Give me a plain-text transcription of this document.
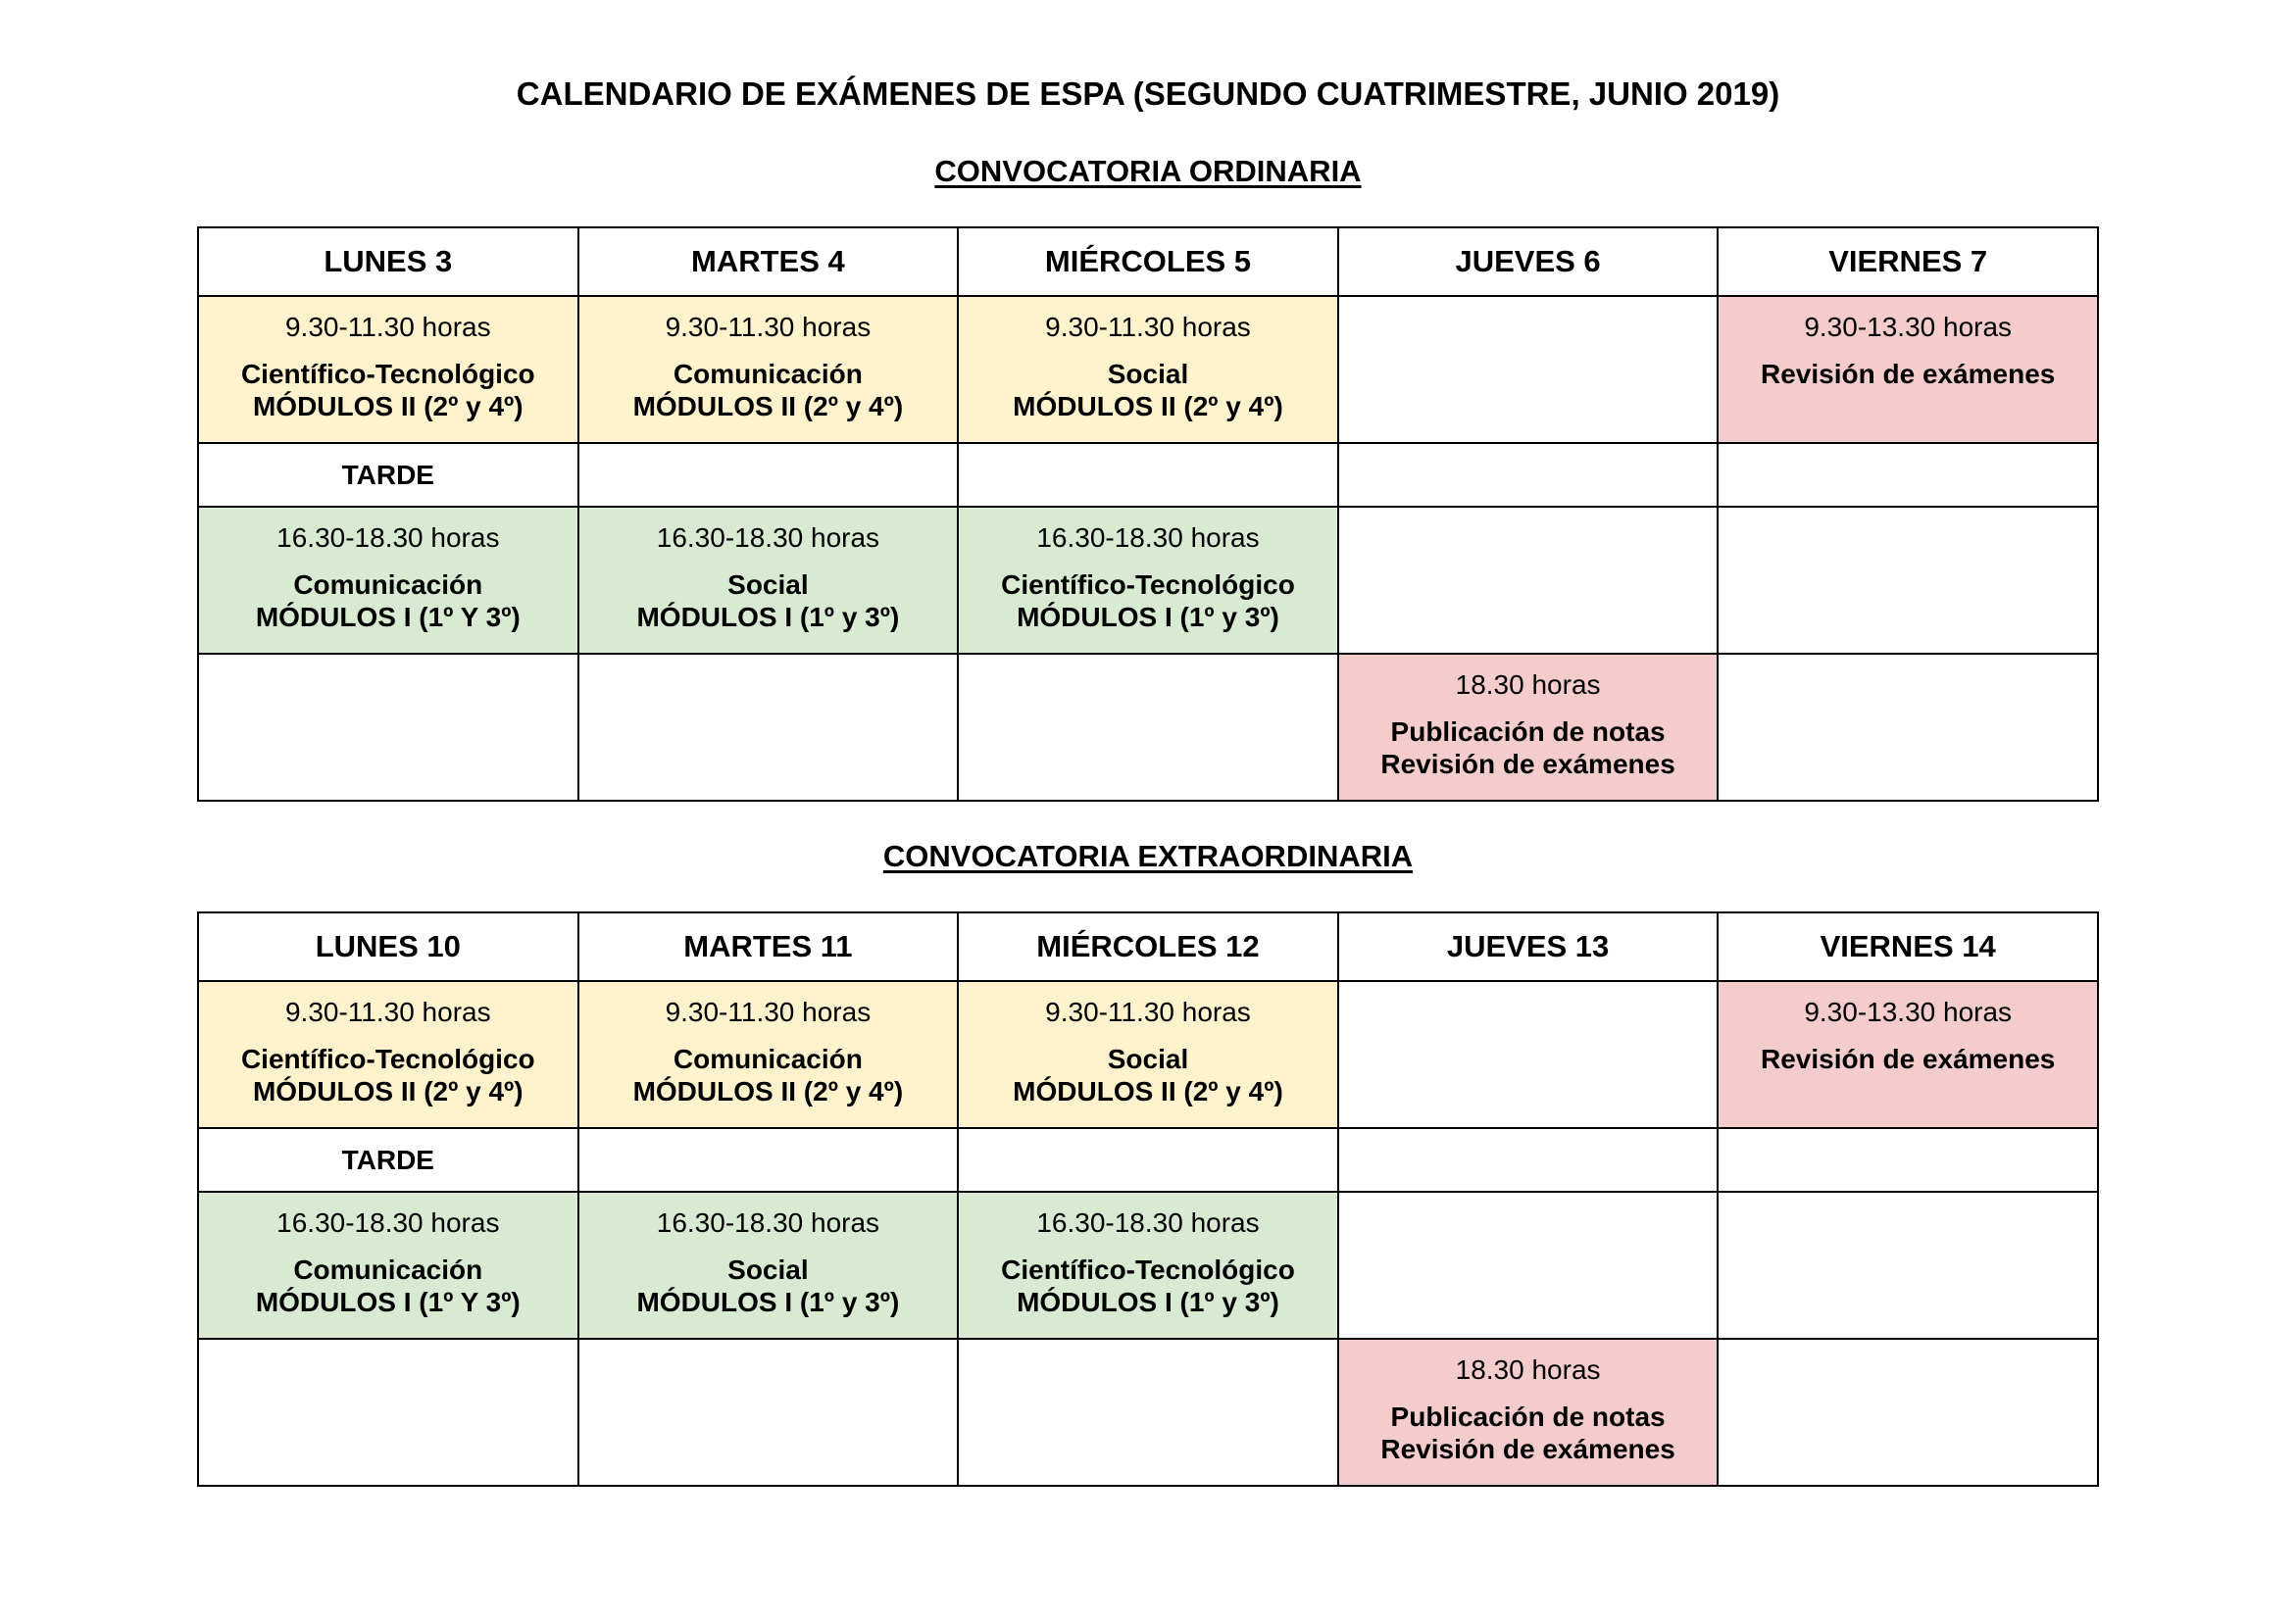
CALENDARIO DE EXÁMENES DE ESPA (SEGUNDO CUATRIMESTRE, JUNIO 2019)
CONVOCATORIA ORDINARIA
LUNES 3	MARTES 4	MIÉRCOLES 5	JUEVES 6	VIERNES 7

9.30-11.30 horas
Científico-Tecnológico
MÓDULOS II (2º y 4º)	9.30-11.30 horas
Comunicación
MÓDULOS II (2º y 4º)	9.30-11.30 horas
Social
MÓDULOS II (2º y 4º)		9.30-13.30 horas
Revisión de exámenes

TARDE				

16.30-18.30 horas
Comunicación
MÓDULOS I (1º Y 3º)	16.30-18.30 horas
Social
MÓDULOS I (1º y 3º)	16.30-18.30 horas
Científico-Tecnológico
MÓDULOS I (1º y 3º)		

			18.30 horas
Publicación de notas
Revisión de exámenes	

CONVOCATORIA EXTRAORDINARIA
LUNES 10	MARTES 11	MIÉRCOLES 12	JUEVES 13	VIERNES 14

9.30-11.30 horas
Científico-Tecnológico
MÓDULOS II (2º y 4º)	9.30-11.30 horas
Comunicación
MÓDULOS II (2º y 4º)	9.30-11.30 horas
Social
MÓDULOS II (2º y 4º)		9.30-13.30 horas
Revisión de exámenes

TARDE				

16.30-18.30 horas
Comunicación
MÓDULOS I (1º Y 3º)	16.30-18.30 horas
Social
MÓDULOS I (1º y 3º)	16.30-18.30 horas
Científico-Tecnológico
MÓDULOS I (1º y 3º)		

			18.30 horas
Publicación de notas
Revisión de exámenes	
